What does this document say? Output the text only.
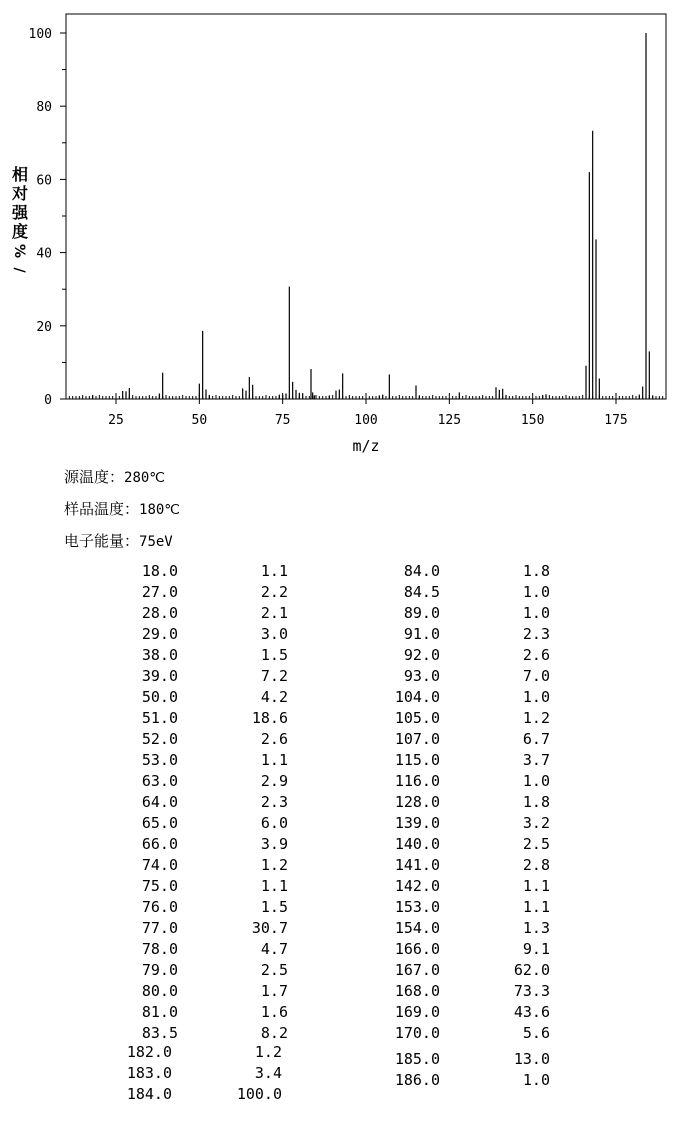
25	50	75	100	125	150	175
0
20
40
60
80
100
m/z
相
对
强
度
%
/
源温度：280℃
样品温度：180℃
电子能量：75eV
18.0	1.1
27.0	2.2
28.0	2.1
29.0	3.0
38.0	1.5
39.0	7.2
50.0	4.2
51.0	18.6
52.0	2.6
53.0	1.1
63.0	2.9
64.0	2.3
65.0	6.0
66.0	3.9
74.0	1.2
75.0	1.1
76.0	1.5
77.0	30.7
78.0	4.7
79.0	2.5
80.0	1.7
81.0	1.6
83.5	8.2
84.0	1.8
84.5	1.0
89.0	1.0
91.0	2.3
92.0	2.6
93.0	7.0
104.0	1.0
105.0	1.2
107.0	6.7
115.0	3.7
116.0	1.0
128.0	1.8
139.0	3.2
140.0	2.5
141.0	2.8
142.0	1.1
153.0	1.1
154.0	1.3
166.0	9.1
167.0	62.0
168.0	73.3
169.0	43.6
170.0	5.6
182.0	1.2
183.0	3.4
184.0	100.0
185.0	13.0
186.0	1.0
